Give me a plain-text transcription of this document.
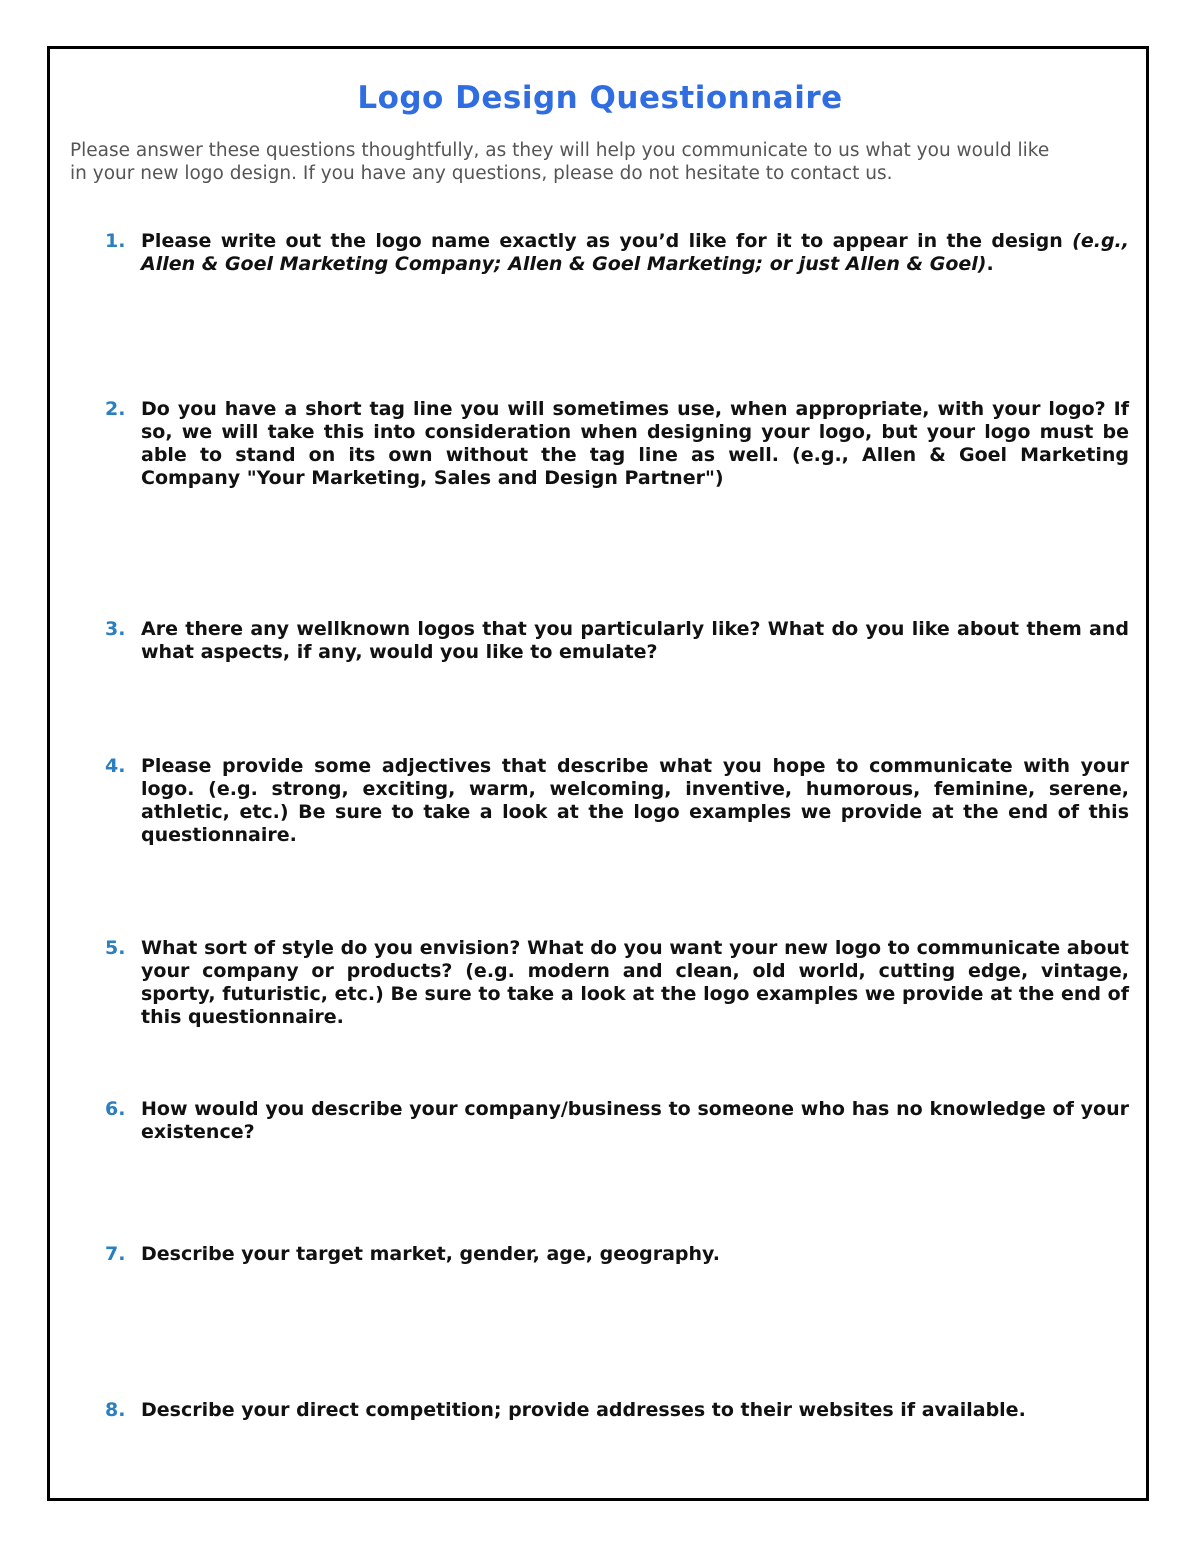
Logo Design Questionnaire
Please answer these questions thoughtfully, as they will help you communicate to us what you would like in your new logo design. If you have any questions, please do not hesitate to contact us.
1. Please write out the logo name exactly as you’d like for it to appear in the design (e.g., Allen & Goel Marketing Company; Allen & Goel Marketing; or just Allen & Goel).
2. Do you have a short tag line you will sometimes use, when appropriate, with your logo? If so, we will take this into consideration when designing your logo, but your logo must be able to stand on its own without the tag line as well. (e.g., Allen & Goel Marketing Company "Your Marketing, Sales and Design Partner")
3. Are there any wellknown logos that you particularly like? What do you like about them and what aspects, if any, would you like to emulate?
4. Please provide some adjectives that describe what you hope to communicate with your logo. (e.g. strong, exciting, warm, welcoming, inventive, humorous, feminine, serene, athletic, etc.) Be sure to take a look at the logo examples we provide at the end of this questionnaire.
5. What sort of style do you envision? What do you want your new logo to communicate about your company or products? (e.g. modern and clean, old world, cutting edge, vintage, sporty, futuristic, etc.) Be sure to take a look at the logo examples we provide at the end of this questionnaire.
6. How would you describe your company/business to someone who has no knowledge of your existence?
7. Describe your target market, gender, age, geography.
8. Describe your direct competition; provide addresses to their websites if available.
